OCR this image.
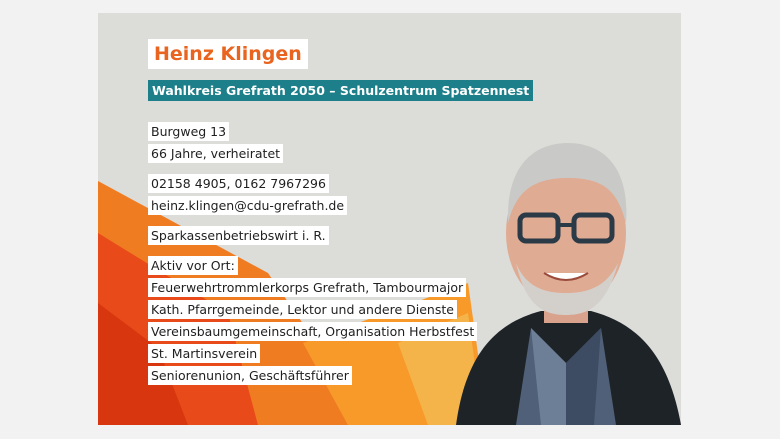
Heinz Klingen
Wahlkreis Grefrath 2050 – Schulzentrum Spatzennest
Burgweg 13
66 Jahre, verheiratet
02158 4905, 0162 7967296
heinz.klingen@cdu-grefrath.de
Sparkassenbetriebswirt i. R.
Aktiv vor Ort:
Feuerwehrtrommlerkorps Grefrath, Tambourmajor
Kath. Pfarrgemeinde, Lektor und andere Dienste
Vereinsbaumgemeinschaft, Organisation Herbstfest
St. Martinsverein
Seniorenunion, Geschäftsführer
